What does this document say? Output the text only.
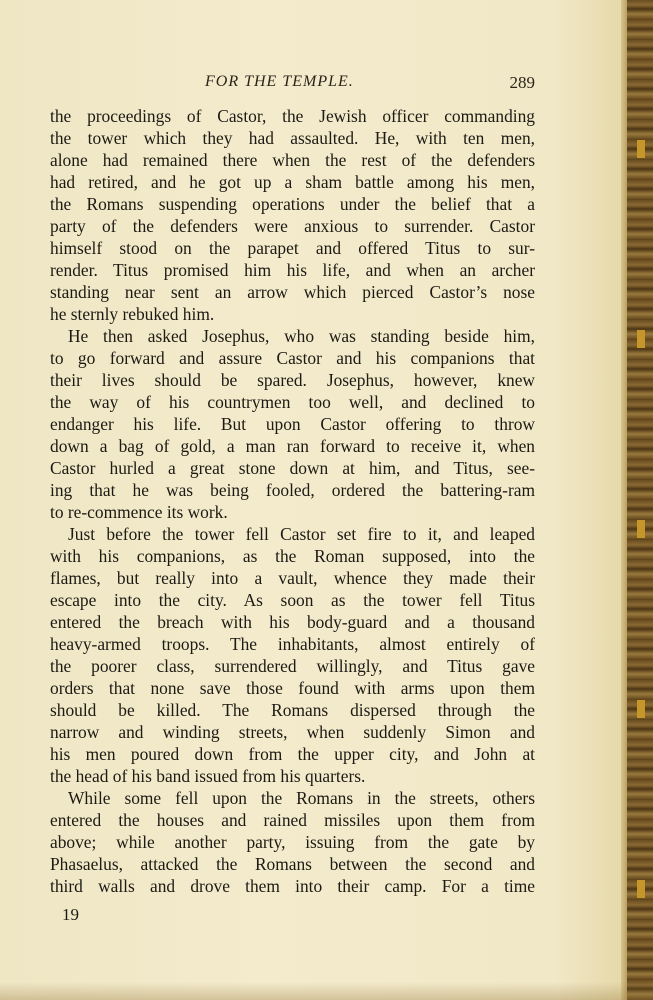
FOR THE TEMPLE.	289
the proceedings of Castor, the Jewish officer commanding
the tower which they had assaulted. He, with ten men,
alone had remained there when the rest of the defenders
had retired, and he got up a sham battle among his men,
the Romans suspending operations under the belief that a
party of the defenders were anxious to surrender. Castor
himself stood on the parapet and offered Titus to sur-
render. Titus promised him his life, and when an archer
standing near sent an arrow which pierced Castor’s nose
he sternly rebuked him.
He then asked Josephus, who was standing beside him,
to go forward and assure Castor and his companions that
their lives should be spared. Josephus, however, knew
the way of his countrymen too well, and declined to
endanger his life. But upon Castor offering to throw
down a bag of gold, a man ran forward to receive it, when
Castor hurled a great stone down at him, and Titus, see-
ing that he was being fooled, ordered the battering-ram
to re-commence its work.
Just before the tower fell Castor set fire to it, and leaped
with his companions, as the Roman supposed, into the
flames, but really into a vault, whence they made their
escape into the city. As soon as the tower fell Titus
entered the breach with his body-guard and a thousand
heavy-armed troops. The inhabitants, almost entirely of
the poorer class, surrendered willingly, and Titus gave
orders that none save those found with arms upon them
should be killed. The Romans dispersed through the
narrow and winding streets, when suddenly Simon and
his men poured down from the upper city, and John at
the head of his band issued from his quarters.
While some fell upon the Romans in the streets, others
entered the houses and rained missiles upon them from
above; while another party, issuing from the gate by
Phasaelus, attacked the Romans between the second and
third walls and drove them into their camp. For a time
19
